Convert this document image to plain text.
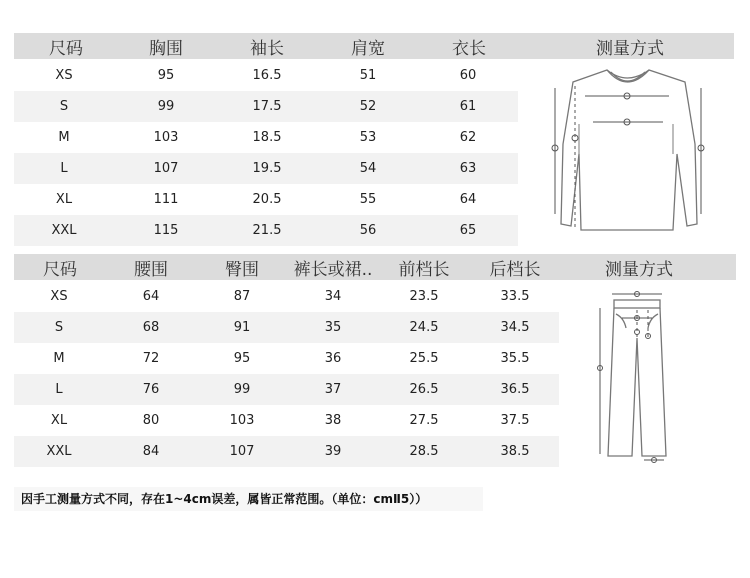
尺码	胸围	袖长	肩宽	衣长	测量方式
XS	95	16.5	51	60
S	99	17.5	52	61
M	103	18.5	53	62
L	107	19.5	54	63
XL	111	20.5	55	64
XXL	115	21.5	56	65
尺码	腰围	臀围 裤长或裙.. 前档长 后档长	测量方式
XS	64	87	34	23.5	33.5
S	68	91	35	24.5	34.5
M	72	95	36	25.5	35.5
L	76	99	37	26.5	36.5
XL	80	103	38	27.5	37.5
XXL	84	107	39	28.5	38.5
因手工测量方式不同，存在1~4cm误差，属皆正常范围。（单位：cmⅡ5））
